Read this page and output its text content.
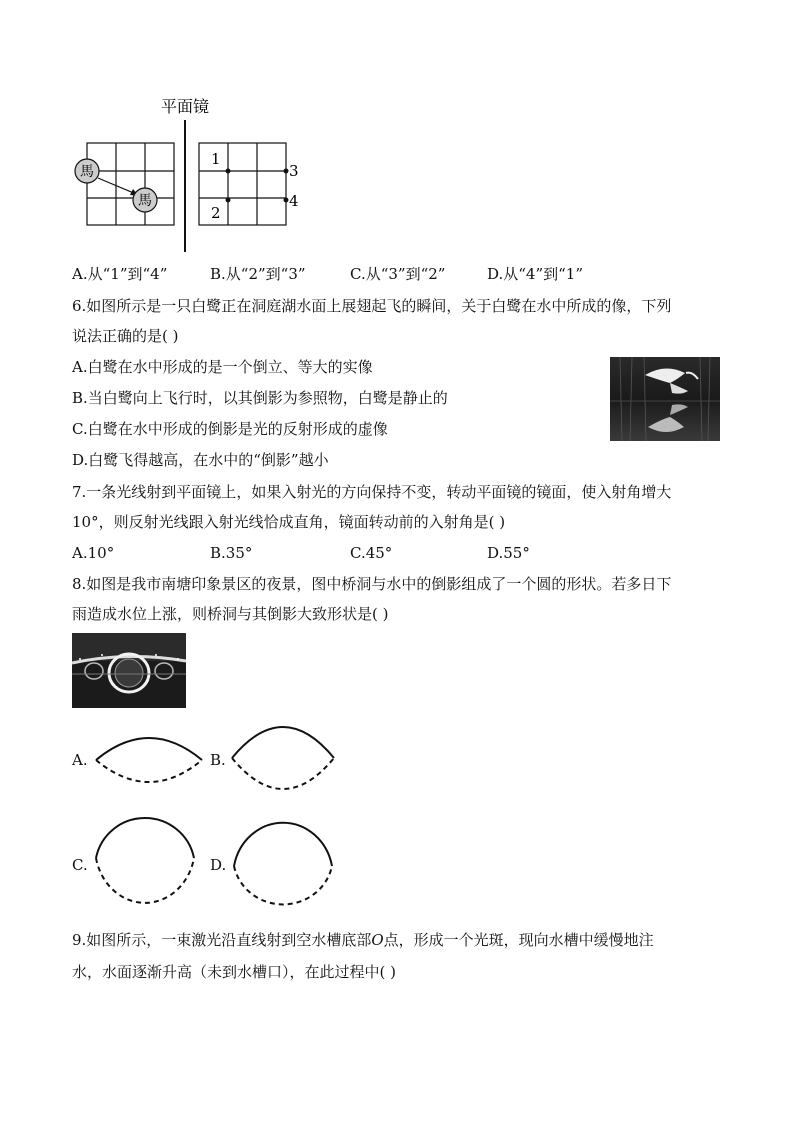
平面镜
馬
馬
1
2
3
4
A.从“1”到“4”	B.从“2”到“3”	C.从“3”到“2”	D.从“4”到“1”
6.如图所示是一只白鹭正在洞庭湖水面上展翅起飞的瞬间，关于白鹭在水中所成的像，下列
说法正确的是( )
A.白鹭在水中形成的是一个倒立、等大的实像
B.当白鹭向上飞行时，以其倒影为参照物，白鹭是静止的
C.白鹭在水中形成的倒影是光的反射形成的虚像
D.白鹭飞得越高，在水中的“倒影”越小
7.一条光线射到平面镜上，如果入射光的方向保持不变，转动平面镜的镜面，使入射角增大
10°，则反射光线跟入射光线恰成直角，镜面转动前的入射角是( )
A.10°	B.35°	C.45°	D.55°
8.如图是我市南塘印象景区的夜景，图中桥洞与水中的倒影组成了一个圆的形状。若多日下
雨造成水位上涨，则桥洞与其倒影大致形状是( )
A.	B.
C.	D.
9.如图所示，一束激光沿直线射到空水槽底部O点，形成一个光斑，现向水槽中缓慢地注
水，水面逐渐升高（未到水槽口），在此过程中( )
